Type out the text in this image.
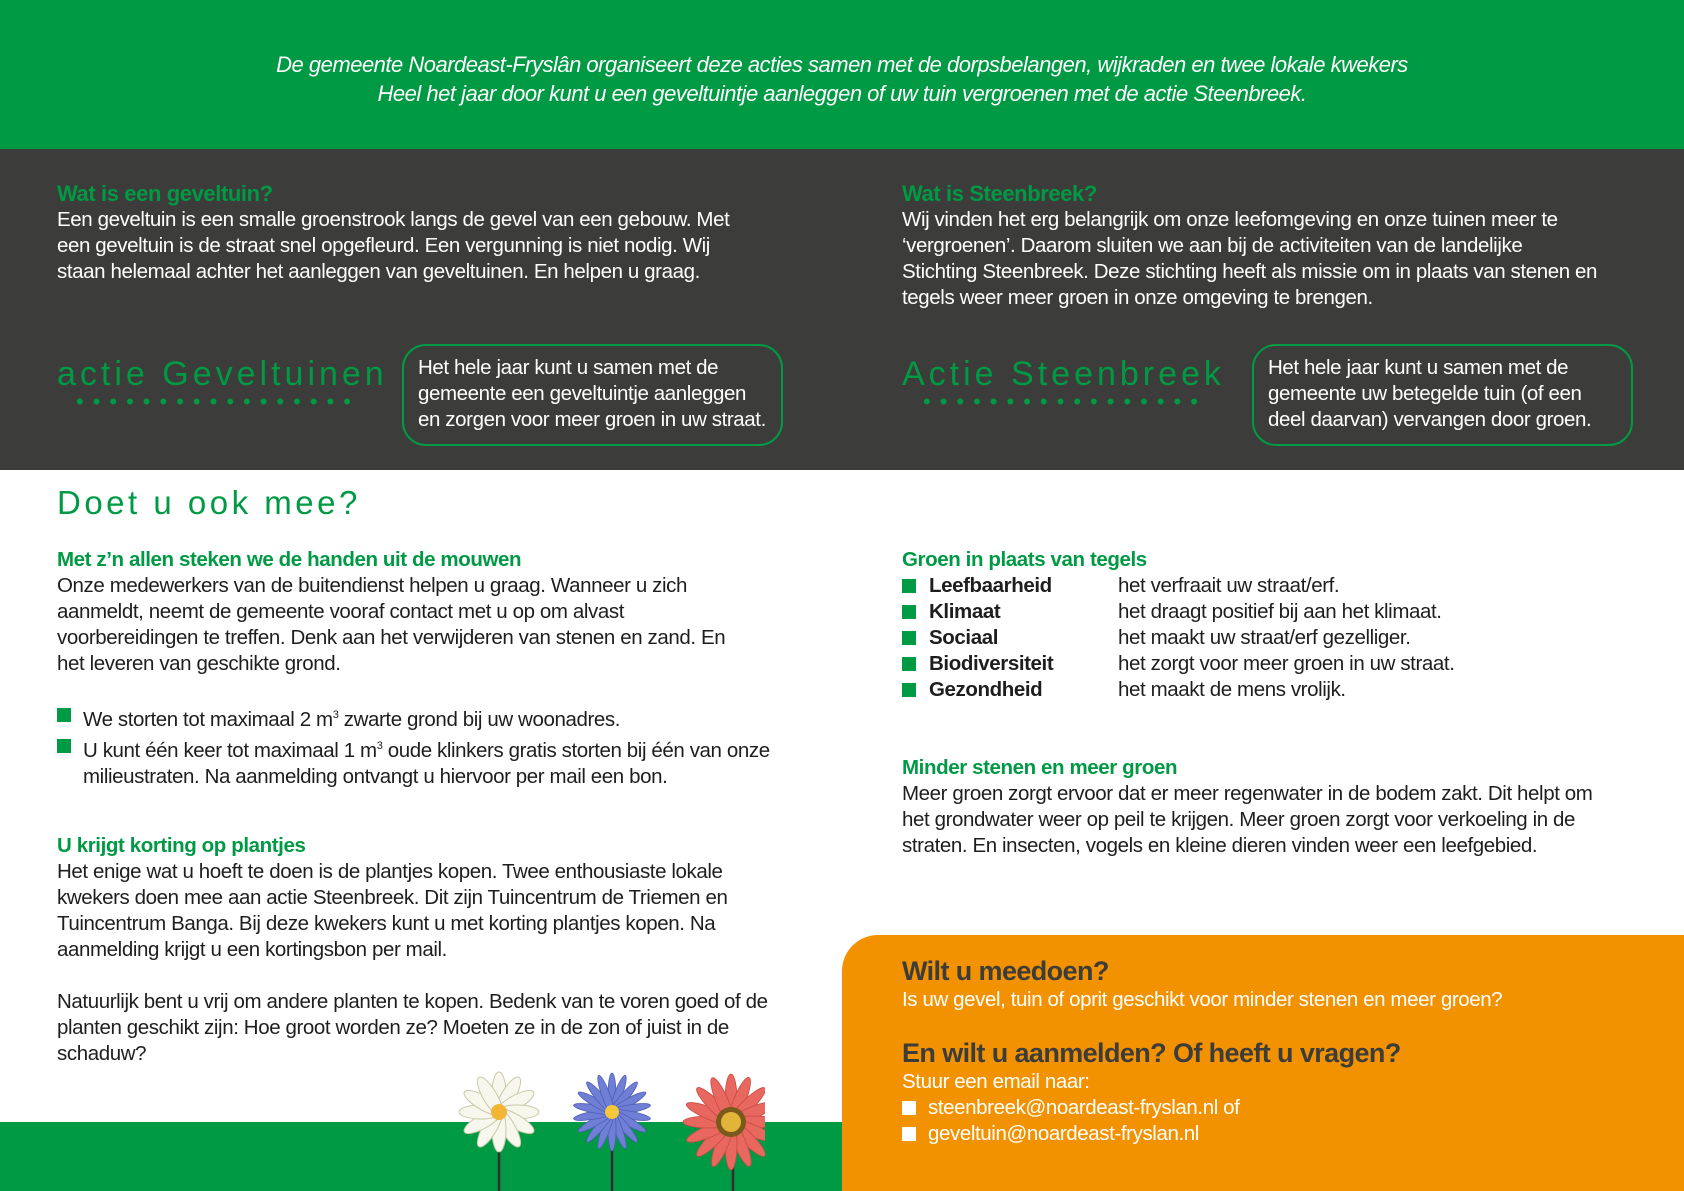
De gemeente Noardeast-Fryslân organiseert deze acties samen met de dorpsbelangen, wijkraden en twee lokale kwekers
Heel het jaar door kunt u een geveltuintje aanleggen of uw tuin vergroenen met de actie Steenbreek.

Wat is een geveltuin?

Een geveltuin is een smalle groenstrook langs de gevel van een gebouw. Met een geveltuin is de straat snel opgefleurd. Een vergunning is niet nodig. Wij staan helemaal achter het aanleggen van geveltuinen. En helpen u graag.

actie Geveltuinen
•••••••••••••••••
Het hele jaar kunt u samen met de gemeente een geveltuintje aanleggen en zorgen voor meer groen in uw straat.

Wat is Steenbreek?

Wij vinden het erg belangrijk om onze leefomgeving en onze tuinen meer te ‘vergroenen’. Daarom sluiten we aan bij de activiteiten van de landelijke Stichting Steenbreek. Deze stichting heeft als missie om in plaats van stenen en tegels weer meer groen in onze omgeving te brengen.

Actie Steenbreek
•••••••••••••••••
Het hele jaar kunt u samen met de gemeente uw betegelde tuin (of een deel daarvan) vervangen door groen.
Doet u ook mee?

Met z’n allen steken we de handen uit de mouwen

Onze medewerkers van de buitendienst helpen u graag. Wanneer u zich aanmeldt, neemt de gemeente vooraf contact met u op om alvast voorbereidingen te treffen. Denk aan het verwijderen van stenen en zand. En het leveren van geschikte grond.

We storten tot maximaal 2 $m^3$ zwarte grond bij uw woonadres.
U kunt één keer tot maximaal 1 $m^3$ oude klinkers gratis storten bij één van onze milieustraten. Na aanmelding ontvangt u hiervoor per mail een bon.

U krijgt korting op plantjes

Het enige wat u hoeft te doen is de plantjes kopen. Twee enthousiaste lokale kwekers doen mee aan actie Steenbreek. Dit zijn Tuincentrum de Triemen en Tuincentrum Banga. Bij deze kwekers kunt u met korting plantjes kopen. Na aanmelding krijgt u een kortingsbon per mail.

Natuurlijk bent u vrij om andere planten te kopen. Bedenk van te voren goed of de planten geschikt zijn: Hoe groot worden ze? Moeten ze in de zon of juist in de schaduw?

Groen in plaats van tegels

Leefbaarheid	het verfraait uw straat/erf.
Klimaat	het draagt positief bij aan het klimaat.
Sociaal	het maakt uw straat/erf gezelliger.
Biodiversiteit	het zorgt voor meer groen in uw straat.
Gezondheid	het maakt de mens vrolijk.

Minder stenen en meer groen

Meer groen zorgt ervoor dat er meer regenwater in de bodem zakt. Dit helpt om het grondwater weer op peil te krijgen. Meer groen zorgt voor verkoeling in de straten. En insecten, vogels en kleine dieren vinden weer een leefgebied.

Wilt u meedoen?

Is uw gevel, tuin of oprit geschikt voor minder stenen en meer groen?

En wilt u aanmelden? Of heeft u vragen?

Stuur een email naar:

steenbreek@noardeast-fryslan.nl of

geveltuin@noardeast-fryslan.nl
